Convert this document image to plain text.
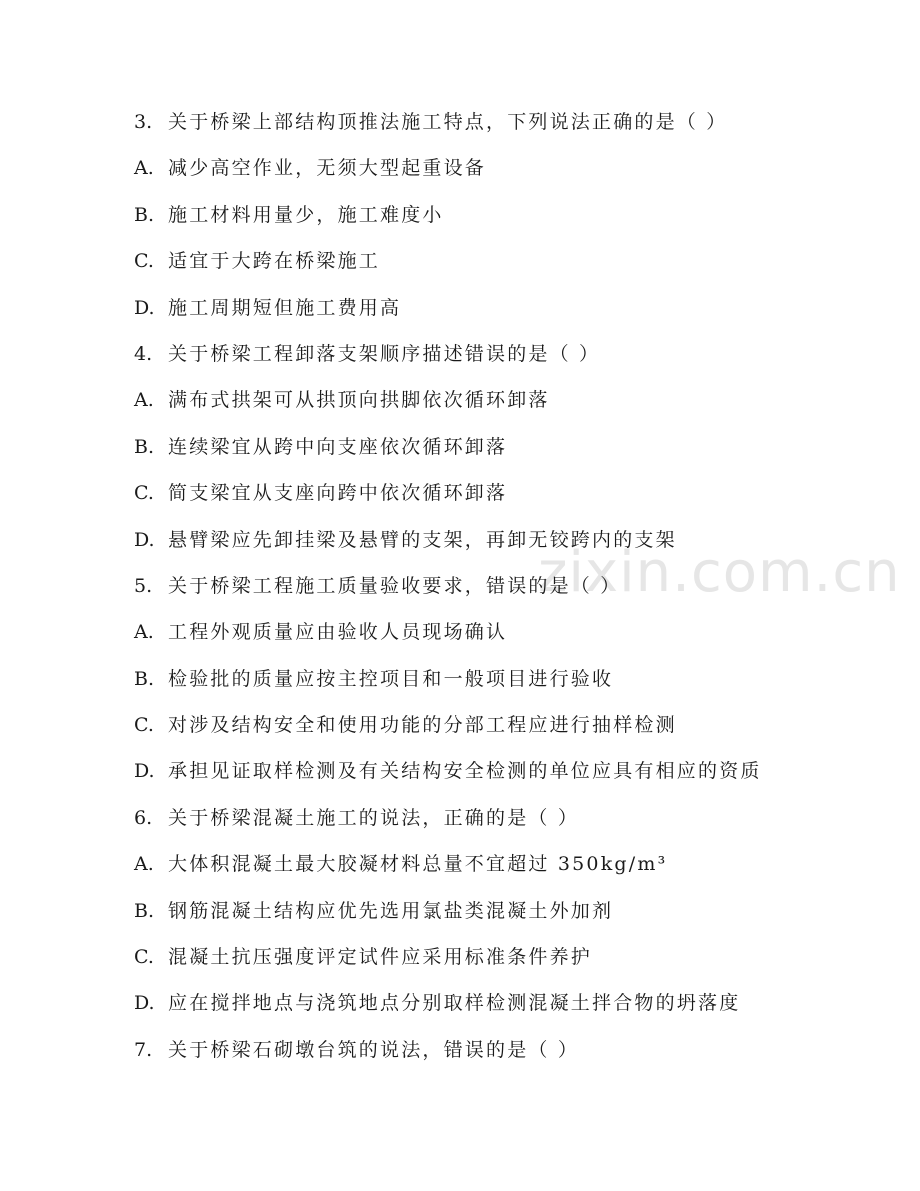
zixin.com.cn
3. 关于桥梁上部结构顶推法施工特点，下列说法正确的是（ ）
A. 减少高空作业，无须大型起重设备
B. 施工材料用量少，施工难度小
C. 适宜于大跨在桥梁施工
D. 施工周期短但施工费用高
4. 关于桥梁工程卸落支架顺序描述错误的是（ ）
A. 满布式拱架可从拱顶向拱脚依次循环卸落
B. 连续梁宜从跨中向支座依次循环卸落
C. 简支梁宜从支座向跨中依次循环卸落
D. 悬臂梁应先卸挂梁及悬臂的支架，再卸无铰跨内的支架
5. 关于桥梁工程施工质量验收要求，错误的是（ ）
A. 工程外观质量应由验收人员现场确认
B. 检验批的质量应按主控项目和一般项目进行验收
C. 对涉及结构安全和使用功能的分部工程应进行抽样检测
D. 承担见证取样检测及有关结构安全检测的单位应具有相应的资质
6. 关于桥梁混凝土施工的说法，正确的是（ ）
A. 大体积混凝土最大胶凝材料总量不宜超过 350kg/m³
B. 钢筋混凝土结构应优先选用氯盐类混凝土外加剂
C. 混凝土抗压强度评定试件应采用标准条件养护
D. 应在搅拌地点与浇筑地点分别取样检测混凝土拌合物的坍落度
7. 关于桥梁石砌墩台筑的说法，错误的是（ ）
